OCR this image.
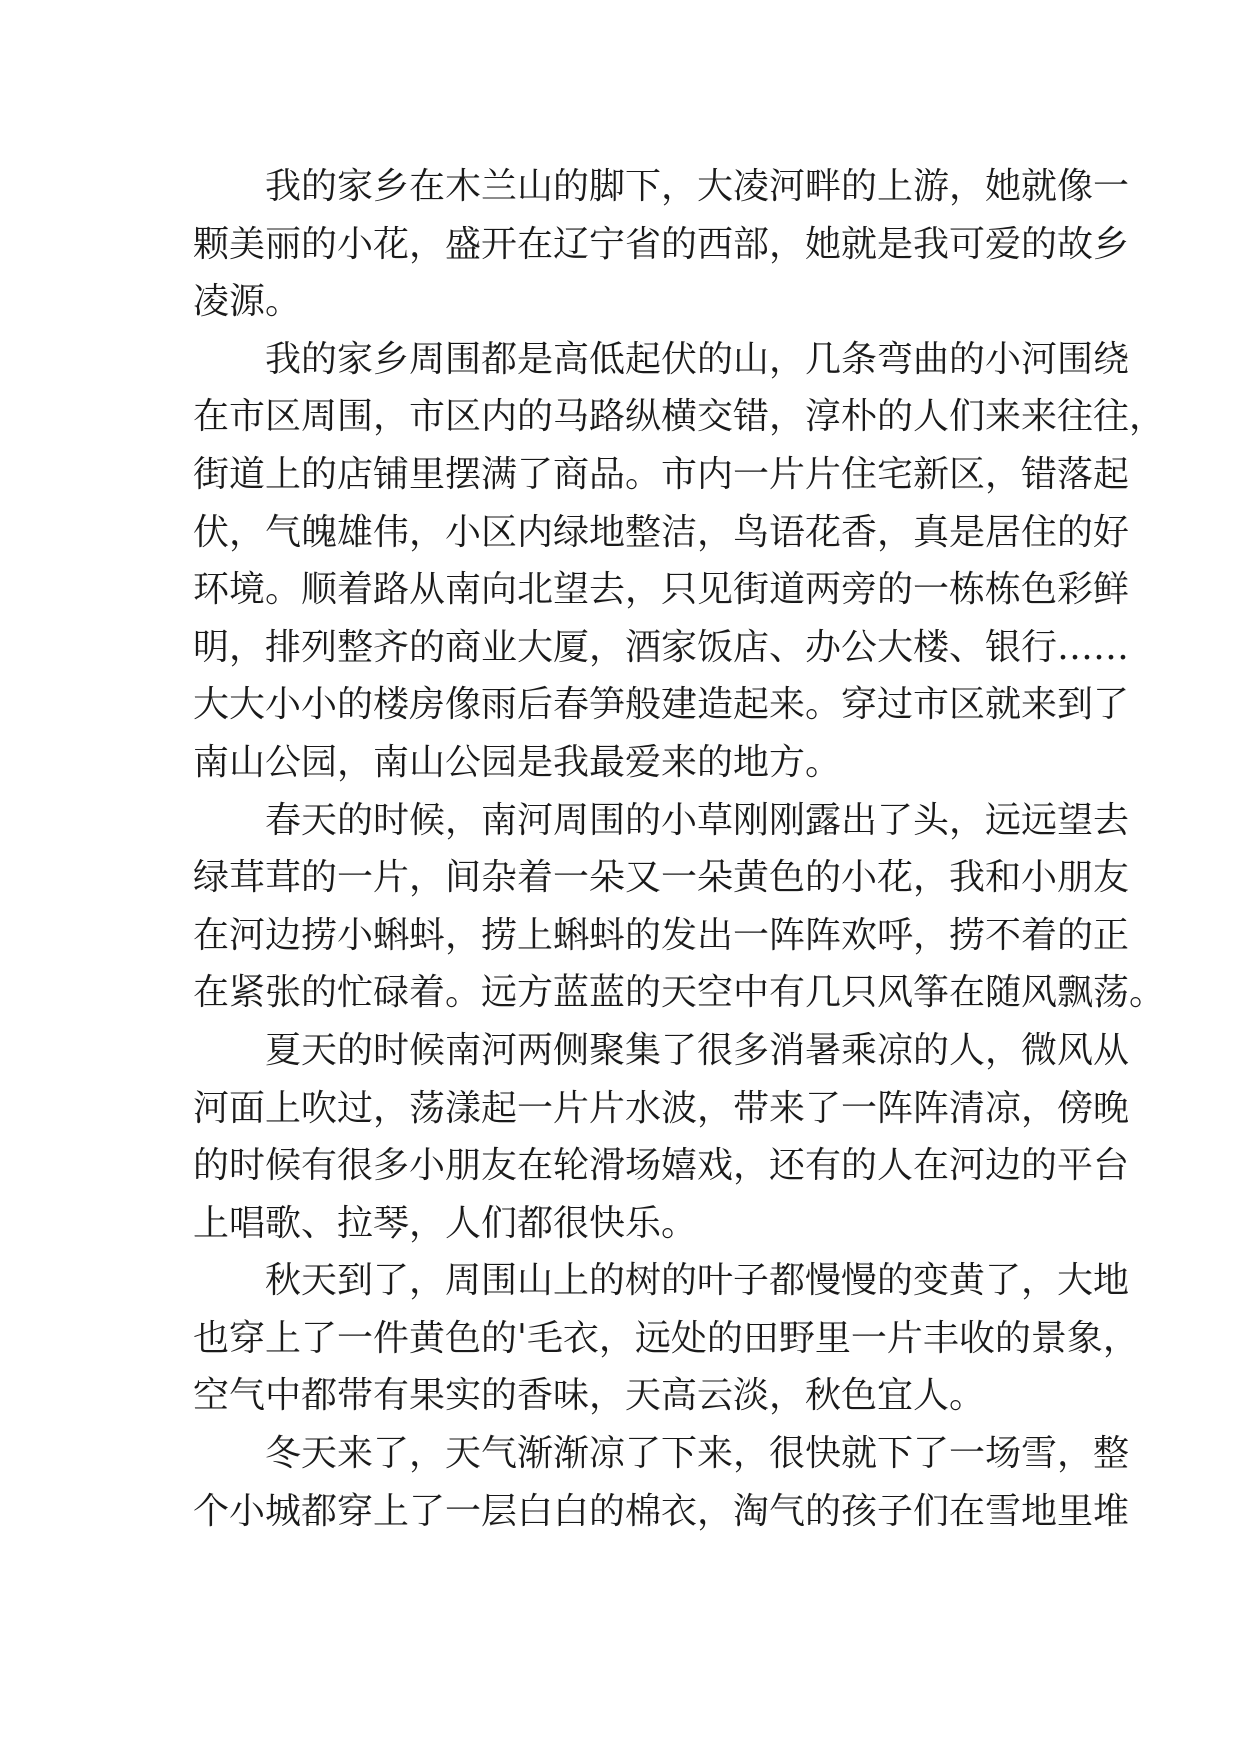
我的家乡在木兰山的脚下，大凌河畔的上游，她就像一
颗美丽的小花，盛开在辽宁省的西部，她就是我可爱的故乡
凌源。
我的家乡周围都是高低起伏的山，几条弯曲的小河围绕
在市区周围，市区内的马路纵横交错，淳朴的人们来来往往，
街道上的店铺里摆满了商品。市内一片片住宅新区，错落起
伏，气魄雄伟，小区内绿地整洁，鸟语花香，真是居住的好
环境。顺着路从南向北望去，只见街道两旁的一栋栋色彩鲜
明，排列整齐的商业大厦，酒家饭店、办公大楼、银行……
大大小小的楼房像雨后春笋般建造起来。穿过市区就来到了
南山公园，南山公园是我最爱来的地方。
春天的时候，南河周围的小草刚刚露出了头，远远望去
绿茸茸的一片，间杂着一朵又一朵黄色的小花，我和小朋友
在河边捞小蝌蚪，捞上蝌蚪的发出一阵阵欢呼，捞不着的正
在紧张的忙碌着。远方蓝蓝的天空中有几只风筝在随风飘荡。
夏天的时候南河两侧聚集了很多消暑乘凉的人，微风从
河面上吹过，荡漾起一片片水波，带来了一阵阵清凉，傍晚
的时候有很多小朋友在轮滑场嬉戏，还有的人在河边的平台
上唱歌、拉琴，人们都很快乐。
秋天到了，周围山上的树的叶子都慢慢的变黄了，大地
也穿上了一件黄色的'毛衣，远处的田野里一片丰收的景象，
空气中都带有果实的香味，天高云淡，秋色宜人。
冬天来了，天气渐渐凉了下来，很快就下了一场雪，整
个小城都穿上了一层白白的棉衣，淘气的孩子们在雪地里堆
